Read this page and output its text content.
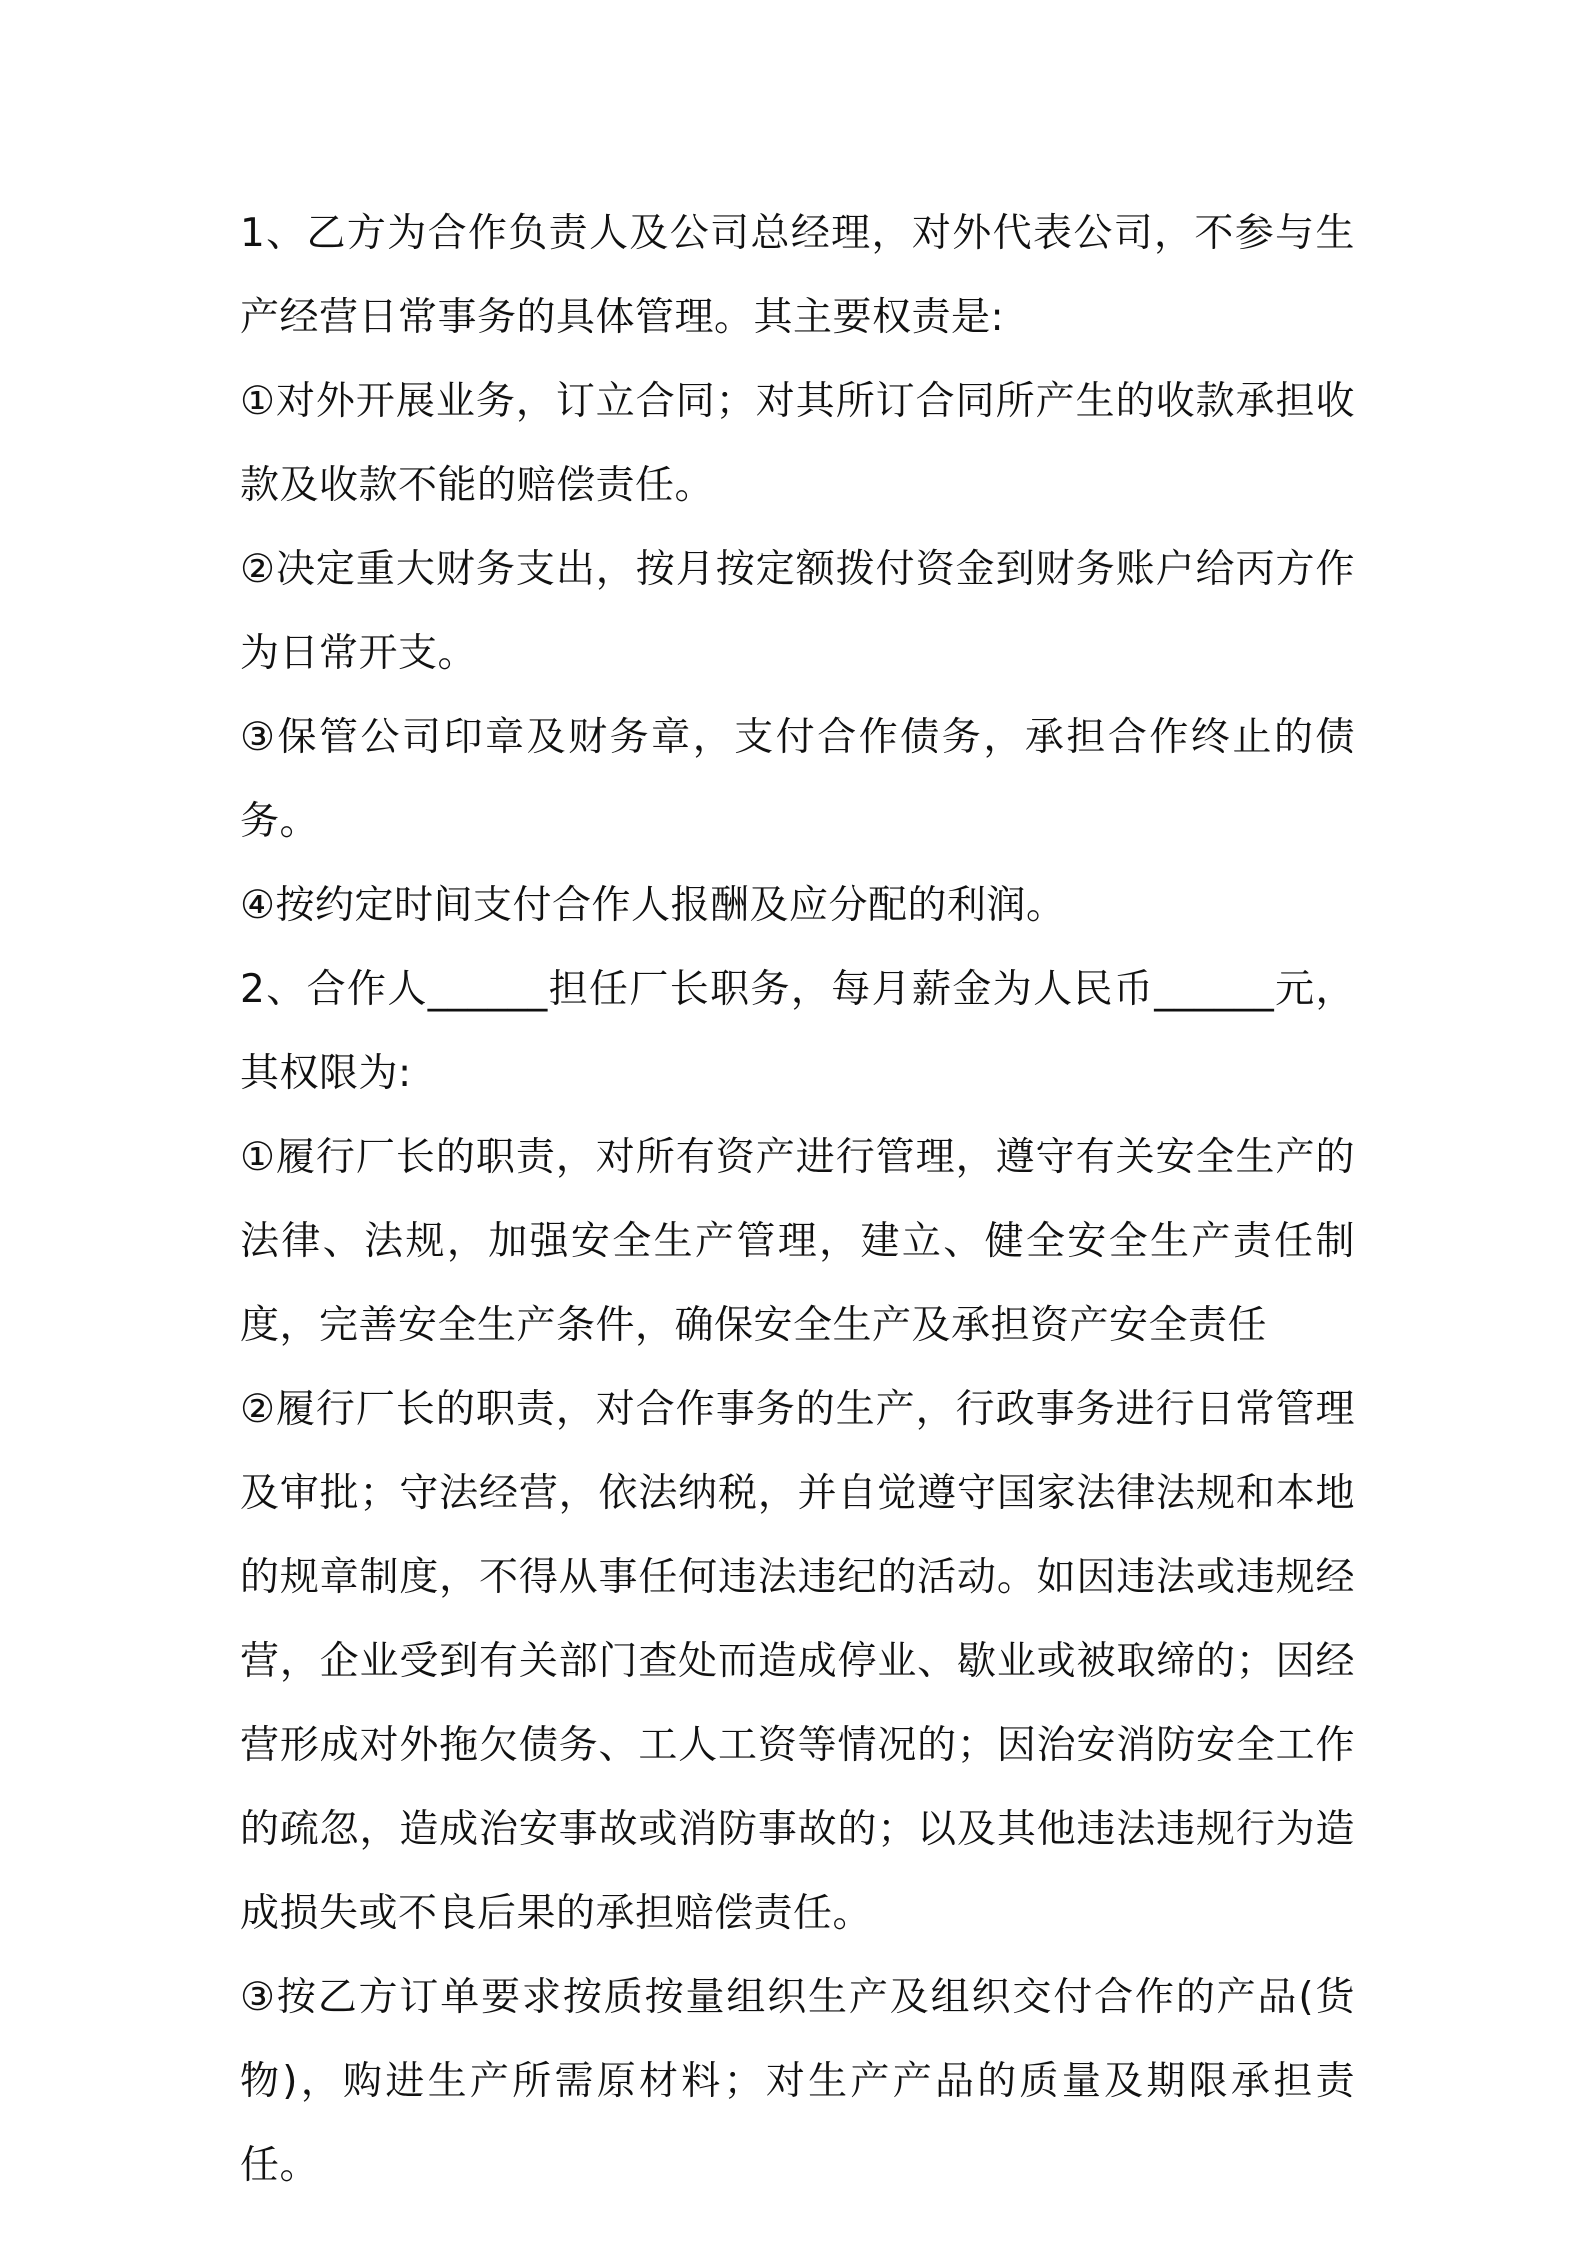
1、乙方为合作负责人及公司总经理，对外代表公司，不参与生产经营日常事务的具体管理。其主要权责是:

①对外开展业务，订立合同；对其所订合同所产生的收款承担收款及收款不能的赔偿责任。

②决定重大财务支出，按月按定额拨付资金到财务账户给丙方作为日常开支。

③保管公司印章及财务章，支付合作债务，承担合作终止的债务。

④按约定时间支付合作人报酬及应分配的利润。

2、合作人______担任厂长职务，每月薪金为人民币______元，其权限为:

①履行厂长的职责，对所有资产进行管理，遵守有关安全生产的法律、法规，加强安全生产管理，建立、健全安全生产责任制度，完善安全生产条件，确保安全生产及承担资产安全责任

②履行厂长的职责，对合作事务的生产，行政事务进行日常管理及审批；守法经营，依法纳税，并自觉遵守国家法律法规和本地的规章制度，不得从事任何违法违纪的活动。如因违法或违规经营，企业受到有关部门查处而造成停业、歇业或被取缔的；因经营形成对外拖欠债务、工人工资等情况的；因治安消防安全工作的疏忽，造成治安事故或消防事故的；以及其他违法违规行为造成损失或不良后果的承担赔偿责任。

③按乙方订单要求按质按量组织生产及组织交付合作的产品(货物)，购进生产所需原材料；对生产产品的质量及期限承担责任。
